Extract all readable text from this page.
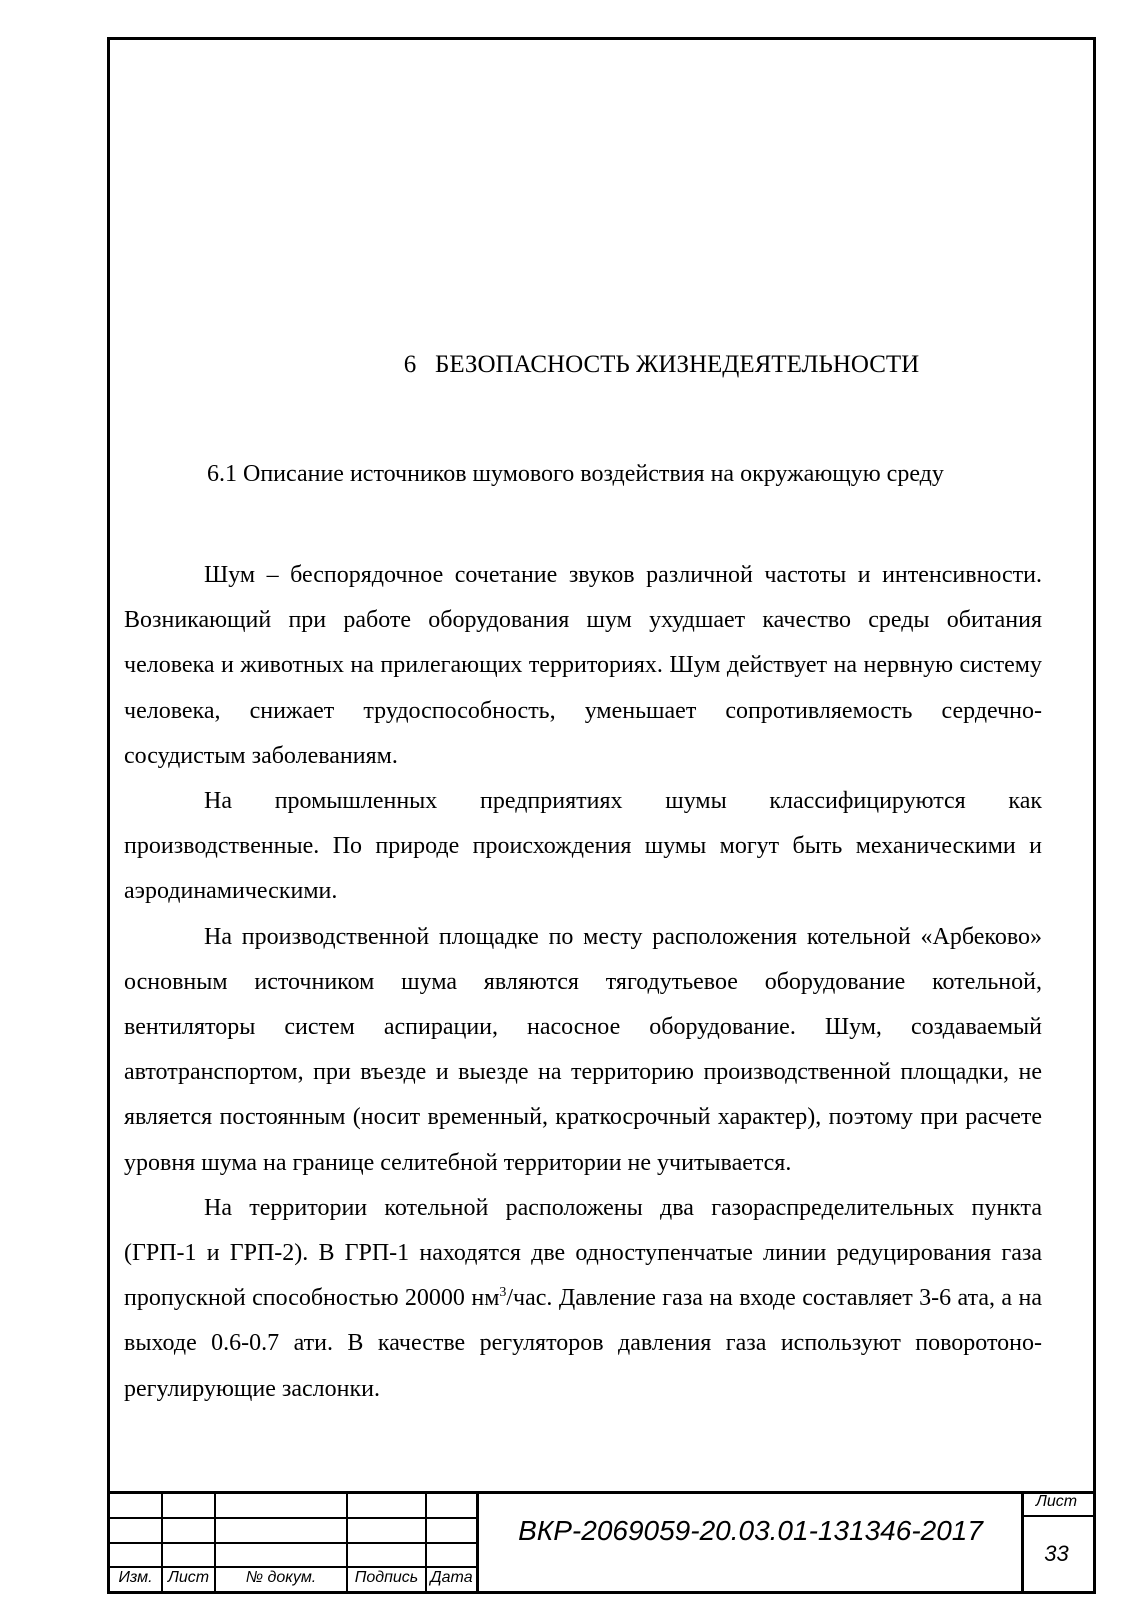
6 БЕЗОПАСНОСТЬ ЖИЗНЕДЕЯТЕЛЬНОСТИ
6.1 Описание источников шумового воздействия на окружающую среду

Шум – беспорядочное сочетание звуков различной частоты и интенсивности. Возникающий при работе оборудования шум ухудшает качество среды обитания человека и животных на прилегающих территориях. Шум действует на нервную систему человека, снижает трудоспособность, уменьшает сопротивляемость сердечно-сосудистым заболеваниям.

На промышленных предприятиях шумы классифицируются как производственные. По природе происхождения шумы могут быть механическими и аэродинамическими.

На производственной площадке по месту расположения котельной «Арбеково» основным источником шума являются тягодутьевое оборудование котельной, вентиляторы систем аспирации, насосное оборудование. Шум, создаваемый автотранспортом, при въезде и выезде на территорию производственной площадки, не является постоянным (носит временный, краткосрочный характер), поэтому при расчете уровня шума на границе селитебной территории не учитывается.

На территории котельной расположены два газораспределительных пункта (ГРП-1 и ГРП-2). В ГРП-1 находятся две одноступенчатые линии редуцирования газа пропускной способностью 20000 $нм^3$/час. Давление газа на входе составляет 3-6 ата, а на выходе 0.6-0.7 ати. В качестве регуляторов давления газа используют поворотоно-регулирующие заслонки.

Изм. Лист	№ докум.	Подпись Дата
ВКР-2069059-20.03.01-131346-2017
Лист
33
